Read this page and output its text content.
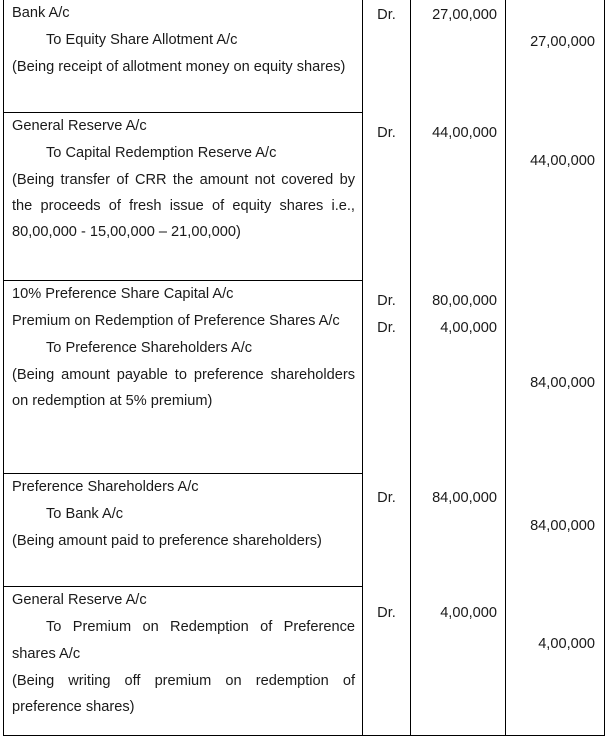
Bank A/c
To Equity Share Allotment A/c
(Being receipt of allotment money on equity shares)
General Reserve A/c
To Capital Redemption Reserve A/c
(Being transfer of CRR the amount not covered by the proceeds of fresh issue of equity shares i.e., 80,00,000 - 15,00,000 – 21,00,000)
10% Preference Share Capital A/c
Premium on Redemption of Preference Shares A/c
To Preference Shareholders A/c
(Being amount payable to preference shareholders on redemption at 5% premium)
Preference Shareholders A/c
To Bank A/c
(Being amount paid to preference shareholders)
General Reserve A/c
To Premium on Redemption of Preference shares A/c
(Being writing off premium on redemption of preference shares)
Dr.
Dr.
Dr.
Dr.
Dr.
Dr.
27,00,000
44,00,000
80,00,000
4,00,000
84,00,000
4,00,000
27,00,000
44,00,000
84,00,000
84,00,000
4,00,000
